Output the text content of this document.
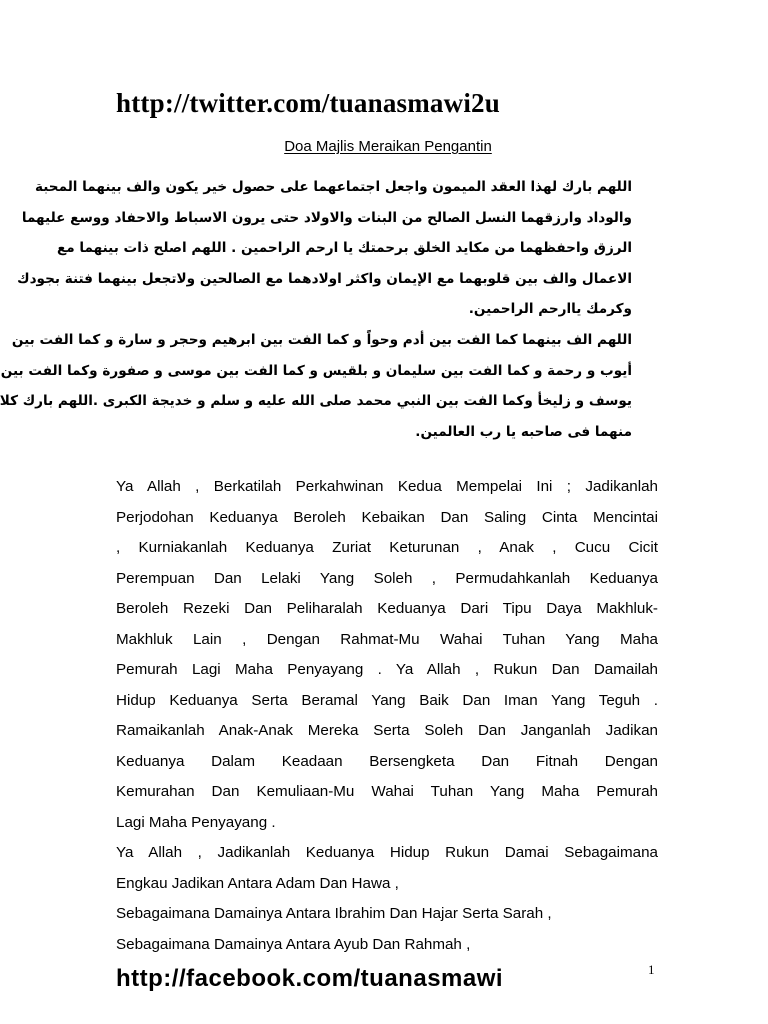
http://twitter.com/tuanasmawi2u
Doa Majlis Meraikan Pengantin
اللهم بارك لهذا العقد الميمون واجعل اجتماعهما على حصول خير يكون والف بينهما المحبة
والوداد وارزقهما النسل الصالح من البنات والاولاد حتى يرون الاسباط والاحفاد ووسع عليهما
الرزق واحفظهما من مكايد الخلق برحمتك يا ارحم الراحمين . اللهم اصلح ذات بينهما مع
الاعمال والف بين قلوبهما مع الإيمان واكثر اولادهما مع الصالحين ولاتجعل بينهما فتنة بجودك
وكرمك ياارحم الراحمين.
اللهم الف بينهما كما الفت بين أدم وحواً و كما الفت بين ابرهيم وحجر و سارة و كما الفت بين
أيوب و رحمة و كما الفت بين سليمان و بلقيس و كما الفت بين موسى و صفورة وكما الفت بين
يوسف و زليخأ وكما الفت بين النبي محمد صلى الله عليه و سلم و خديجة الكبرى .اللهم بارك كلا
منهما فى صاحبه يا رب العالمين.
Ya Allah , Berkatilah Perkahwinan Kedua Mempelai Ini ; Jadikanlah
Perjodohan Keduanya Beroleh Kebaikan Dan Saling Cinta Mencintai
, Kurniakanlah Keduanya Zuriat Keturunan , Anak , Cucu Cicit
Perempuan Dan Lelaki Yang Soleh , Permudahkanlah Keduanya
Beroleh Rezeki Dan Peliharalah Keduanya Dari Tipu Daya Makhluk-
Makhluk Lain , Dengan Rahmat-Mu Wahai Tuhan Yang Maha
Pemurah Lagi Maha Penyayang . Ya Allah , Rukun Dan Damailah
Hidup Keduanya Serta Beramal Yang Baik Dan Iman Yang Teguh .
Ramaikanlah Anak-Anak Mereka Serta Soleh Dan Janganlah Jadikan
Keduanya Dalam Keadaan Bersengketa Dan Fitnah Dengan
Kemurahan Dan Kemuliaan-Mu Wahai Tuhan Yang Maha Pemurah
Lagi Maha Penyayang .
Ya Allah , Jadikanlah Keduanya Hidup Rukun Damai Sebagaimana
Engkau Jadikan Antara Adam Dan Hawa ,
Sebagaimana Damainya Antara Ibrahim Dan Hajar Serta Sarah ,
Sebagaimana Damainya Antara Ayub Dan Rahmah ,
http://facebook.com/tuanasmawi	1
